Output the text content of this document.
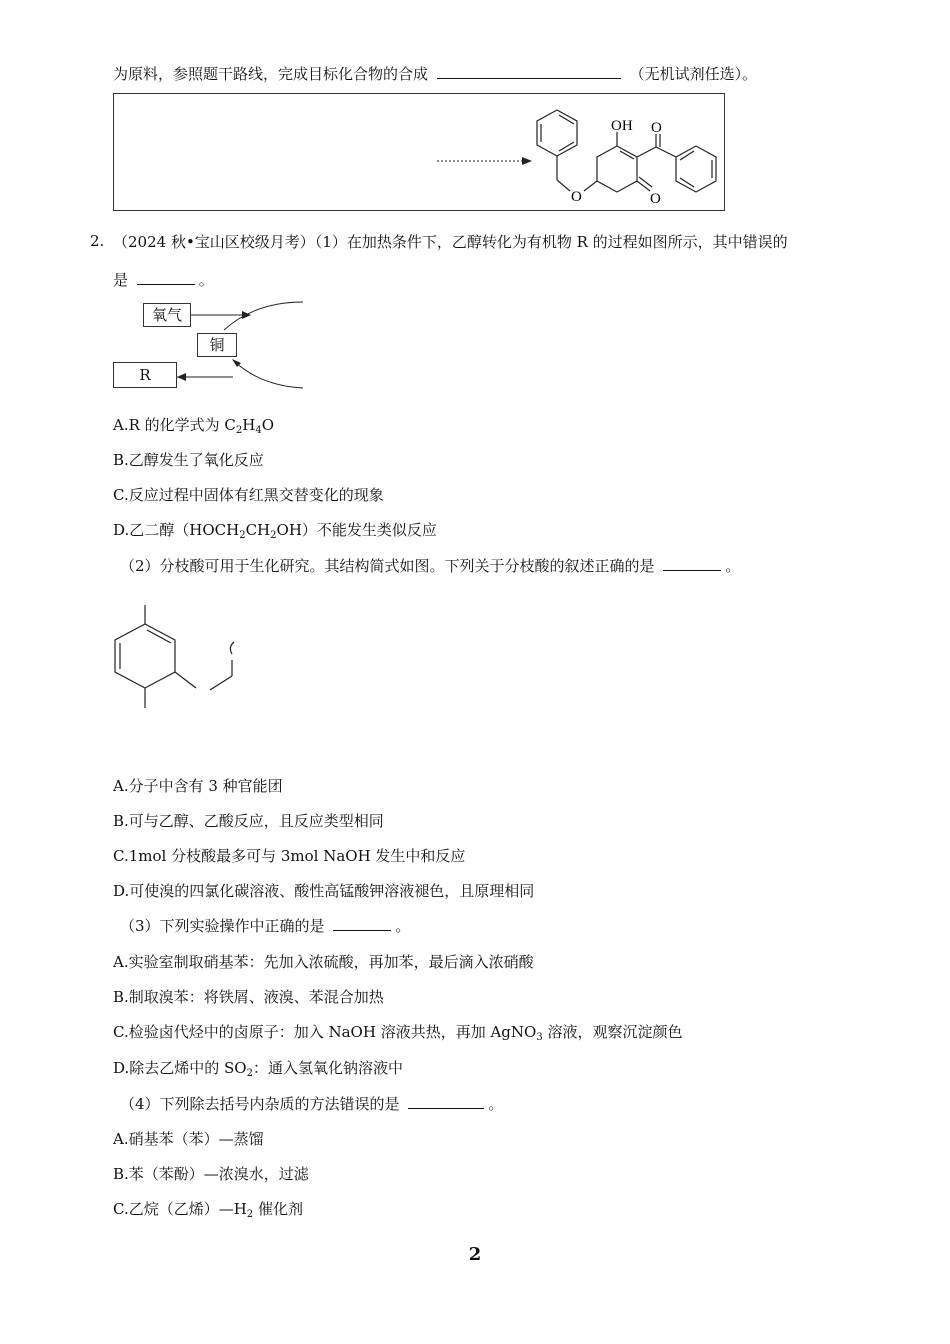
为原料，参照题干路线，完成目标化合物的合成	（无机试剂任选）。
O
OH
O
O
2. （2024 秋•宝山区校级月考）（1）在加热条件下，乙醇转化为有机物 R 的过程如图所示，其中错误的
是	。
氧气
铜
R
A.R 的化学式为 $C_2H_4O$
B.乙醇发生了氧化反应
C.反应过程中固体有红黑交替变化的现象
D.乙二醇$(HOCH_2CH_2OH)$不能发生类似反应
（2）分枝酸可用于生化研究。其结构简式如图。下列关于分枝酸的叙述正确的是	。
A.分子中含有 3 种官能团
B.可与乙醇、乙酸反应，且反应类型相同
C.1mol 分枝酸最多可与 3mol NaOH 发生中和反应
D.可使溴的四氯化碳溶液、酸性高锰酸钾溶液褪色，且原理相同
（3）下列实验操作中正确的是	。
A.实验室制取硝基苯：先加入浓硫酸，再加苯，最后滴入浓硝酸
B.制取溴苯：将铁屑、液溴、苯混合加热
C.检验卤代烃中的卤原子：加入 NaOH 溶液共热，再加 AgNO$_3$ 溶液，观察沉淀颜色
D.除去乙烯中的 $SO_2$：通入氢氧化钠溶液中
（4）下列除去括号内杂质的方法错误的是	。
A.硝基苯（苯）—蒸馏
B.苯（苯酚）—浓溴水，过滤
C.乙烷（乙烯）$—H_2$ 催化剂
2
